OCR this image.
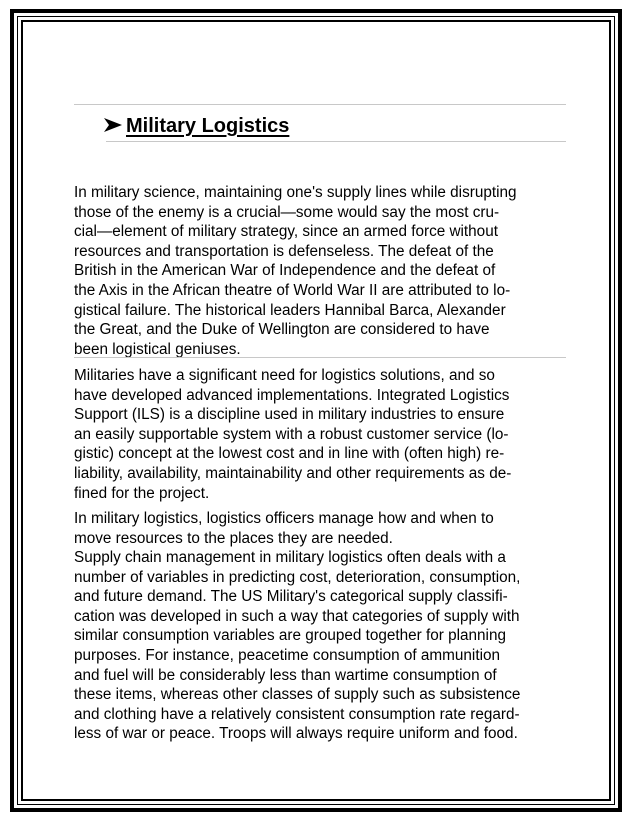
Military Logistics

In military science, maintaining one's supply lines while disrupting
those of the enemy is a crucial—some would say the most cru-
cial—element of military strategy, since an armed force without
resources and transportation is defenseless. The defeat of the
British in the American War of Independence and the defeat of
the Axis in the African theatre of World War II are attributed to lo-
gistical failure. The historical leaders Hannibal Barca, Alexander
the Great, and the Duke of Wellington are considered to have
been logistical geniuses.

Militaries have a significant need for logistics solutions, and so
have developed advanced implementations. Integrated Logistics
Support (ILS) is a discipline used in military industries to ensure
an easily supportable system with a robust customer service (lo-
gistic) concept at the lowest cost and in line with (often high) re-
liability, availability, maintainability and other requirements as de-
fined for the project.

In military logistics, logistics officers manage how and when to
move resources to the places they are needed.

Supply chain management in military logistics often deals with a
number of variables in predicting cost, deterioration, consumption,
and future demand. The US Military's categorical supply classifi-
cation was developed in such a way that categories of supply with
similar consumption variables are grouped together for planning
purposes. For instance, peacetime consumption of ammunition
and fuel will be considerably less than wartime consumption of
these items, whereas other classes of supply such as subsistence
and clothing have a relatively consistent consumption rate regard-
less of war or peace. Troops will always require uniform and food.
